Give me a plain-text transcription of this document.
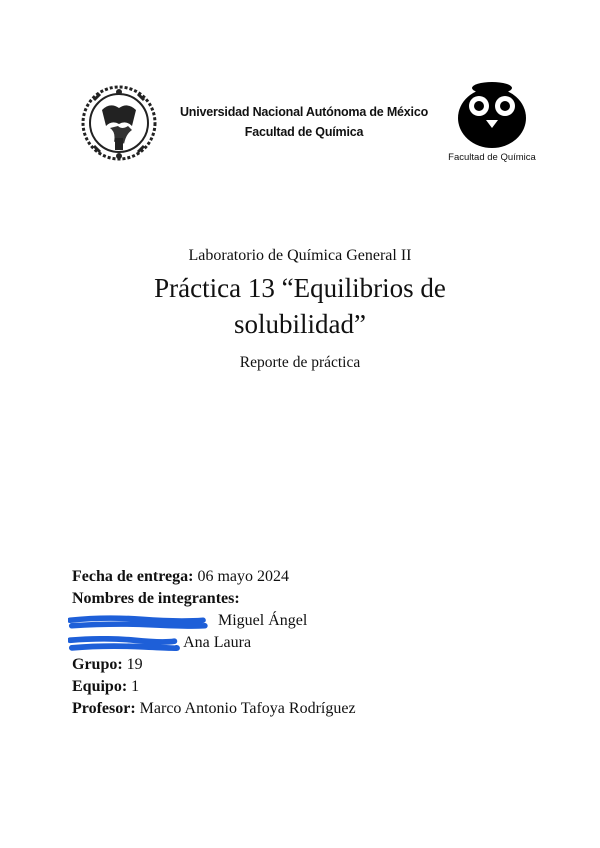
Universidad Nacional Autónoma de México
Facultad de Química
Facultad de Química
Laboratorio de Química General II
Práctica 13 “Equilibrios de
solubilidad”
Reporte de práctica
Fecha de entrega: 06 mayo 2024
Nombres de integrantes:
Miguel Ángel
Ana Laura
Grupo: 19
Equipo: 1
Profesor: Marco Antonio Tafoya Rodríguez
